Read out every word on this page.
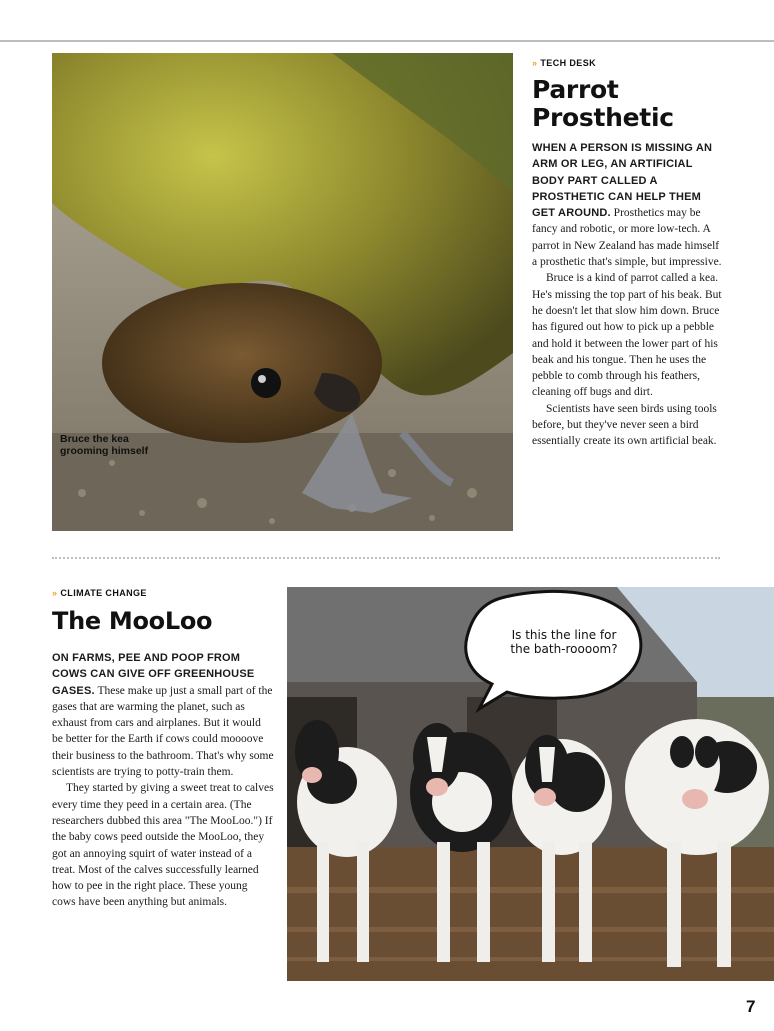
Bruce the kea grooming himself
» TECH DESK
Parrot
Prosthetic

WHEN A PERSON IS MISSING AN ARM OR LEG, AN ARTIFICIAL BODY PART CALLED A PROSTHETIC CAN HELP THEM GET AROUND. Prosthetics may be fancy and robotic, or more low-tech. A parrot in New Zealand has made himself a prosthetic that's simple, but impressive.

Bruce is a kind of parrot called a kea. He's missing the top part of his beak. But he doesn't let that slow him down. Bruce has figured out how to pick up a pebble and hold it between the lower part of his beak and his tongue. Then he uses the pebble to comb through his feathers, cleaning off bugs and dirt.

Scientists have seen birds using tools before, but they've never seen a bird essentially create its own artificial beak.

» CLIMATE CHANGE
The MooLoo

ON FARMS, PEE AND POOP FROM COWS CAN GIVE OFF GREENHOUSE GASES. These make up just a small part of the gases that are warming the planet, such as exhaust from cars and airplanes. But it would be better for the Earth if cows could moooove their business to the bathroom. That's why some scientists are trying to potty-train them.

They started by giving a sweet treat to calves every time they peed in a certain area. (The researchers dubbed this area "The MooLoo.") If the baby cows peed outside the MooLoo, they got an annoying squirt of water instead of a treat. Most of the calves successfully learned how to pee in the right place. These young cows have been anything but animals.

Is this the line for the bath-roooom?
7
